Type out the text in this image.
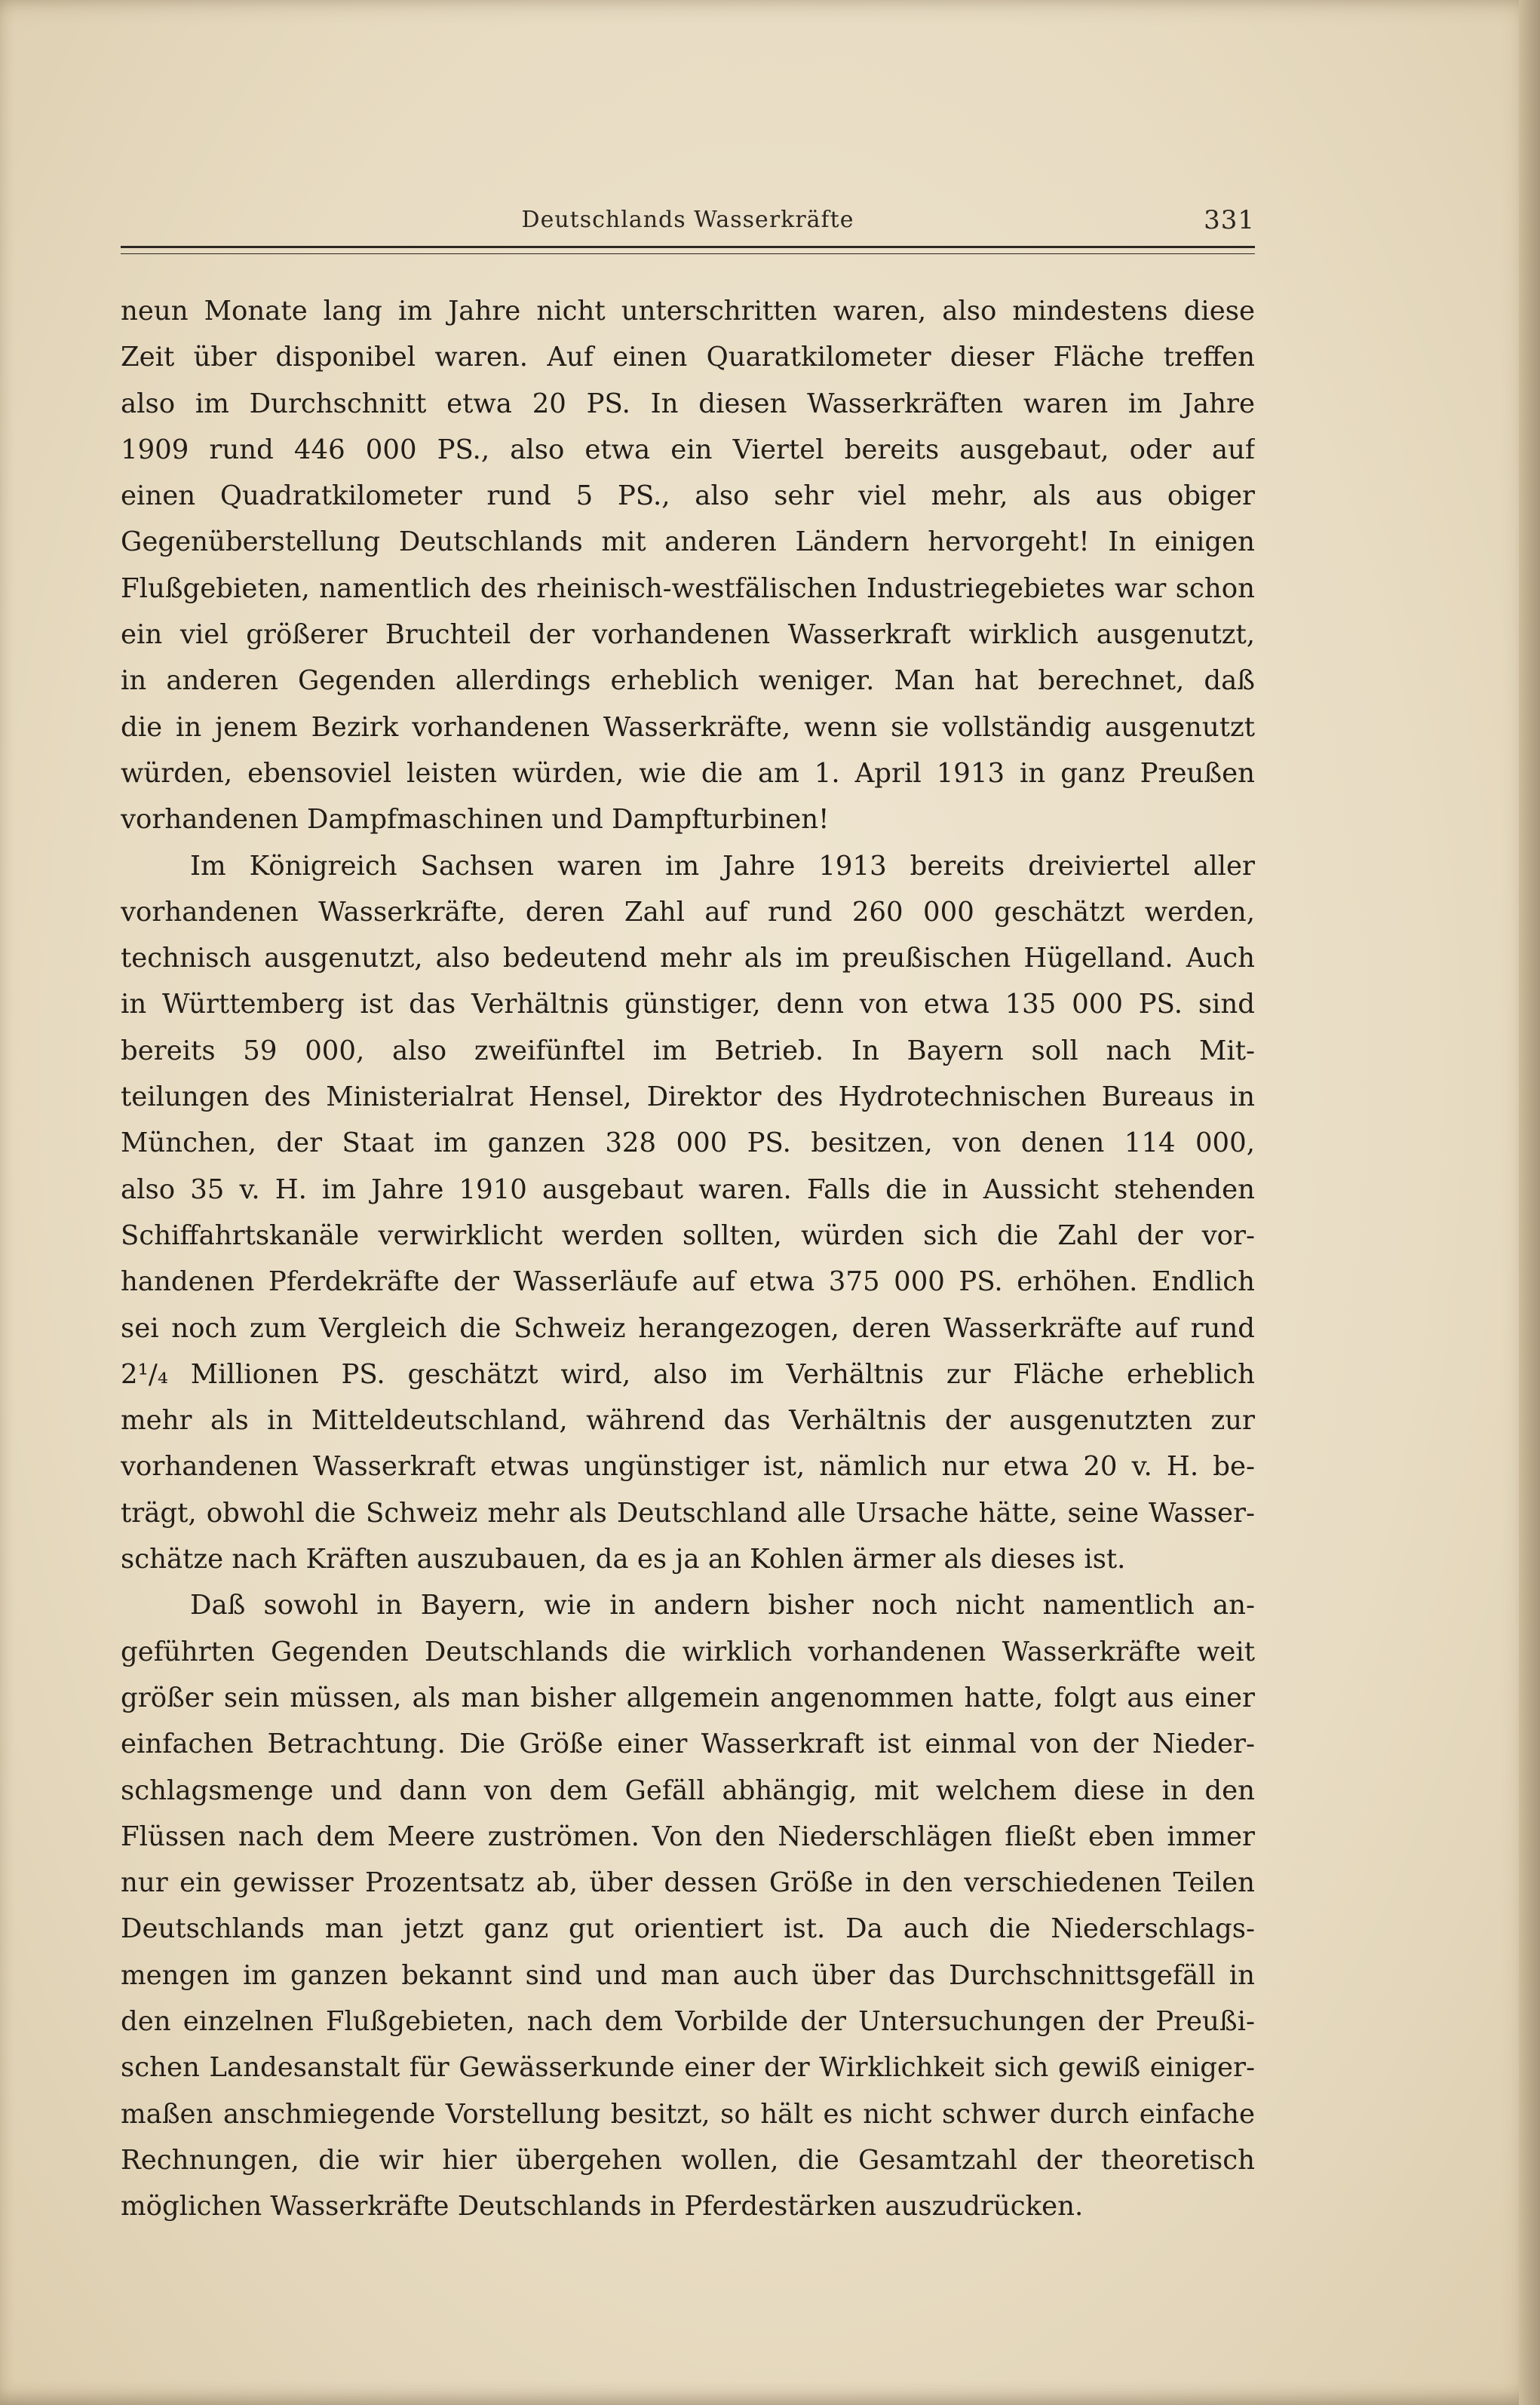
Deutschlands Wasserkräfte	331
neun Monate lang im Jahre nicht unterschritten waren, also mindestens diese
Zeit über disponibel waren. Auf einen Quaratkilometer dieser Fläche treffen
also im Durchschnitt etwa 20 PS. In diesen Wasserkräften waren im Jahre
1909 rund 446 000 PS., also etwa ein Viertel bereits ausgebaut, oder auf
einen Quadratkilometer rund 5 PS., also sehr viel mehr, als aus obiger
Gegenüberstellung Deutschlands mit anderen Ländern hervorgeht! In einigen
Flußgebieten, namentlich des rheinisch-westfälischen Industriegebietes war schon
ein viel größerer Bruchteil der vorhandenen Wasserkraft wirklich ausgenutzt,
in anderen Gegenden allerdings erheblich weniger. Man hat berechnet, daß
die in jenem Bezirk vorhandenen Wasserkräfte, wenn sie vollständig ausgenutzt
würden, ebensoviel leisten würden, wie die am 1. April 1913 in ganz Preußen
vorhandenen Dampfmaschinen und Dampfturbinen!
Im Königreich Sachsen waren im Jahre 1913 bereits dreiviertel aller
vorhandenen Wasserkräfte, deren Zahl auf rund 260 000 geschätzt werden,
technisch ausgenutzt, also bedeutend mehr als im preußischen Hügelland. Auch
in Württemberg ist das Verhältnis günstiger, denn von etwa 135 000 PS. sind
bereits 59 000, also zweifünftel im Betrieb. In Bayern soll nach Mit-
teilungen des Ministerialrat Hensel, Direktor des Hydrotechnischen Bureaus in
München, der Staat im ganzen 328 000 PS. besitzen, von denen 114 000,
also 35 v. H. im Jahre 1910 ausgebaut waren. Falls die in Aussicht stehenden
Schiffahrtskanäle verwirklicht werden sollten, würden sich die Zahl der vor-
handenen Pferdekräfte der Wasserläufe auf etwa 375 000 PS. erhöhen. Endlich
sei noch zum Vergleich die Schweiz herangezogen, deren Wasserkräfte auf rund
2¹/₄ Millionen PS. geschätzt wird, also im Verhältnis zur Fläche erheblich
mehr als in Mitteldeutschland, während das Verhältnis der ausgenutzten zur
vorhandenen Wasserkraft etwas ungünstiger ist, nämlich nur etwa 20 v. H. be-
trägt, obwohl die Schweiz mehr als Deutschland alle Ursache hätte, seine Wasser-
schätze nach Kräften auszubauen, da es ja an Kohlen ärmer als dieses ist.
Daß sowohl in Bayern, wie in andern bisher noch nicht namentlich an-
geführten Gegenden Deutschlands die wirklich vorhandenen Wasserkräfte weit
größer sein müssen, als man bisher allgemein angenommen hatte, folgt aus einer
einfachen Betrachtung. Die Größe einer Wasserkraft ist einmal von der Nieder-
schlagsmenge und dann von dem Gefäll abhängig, mit welchem diese in den
Flüssen nach dem Meere zuströmen. Von den Niederschlägen fließt eben immer
nur ein gewisser Prozentsatz ab, über dessen Größe in den verschiedenen Teilen
Deutschlands man jetzt ganz gut orientiert ist. Da auch die Niederschlags-
mengen im ganzen bekannt sind und man auch über das Durchschnittsgefäll in
den einzelnen Flußgebieten, nach dem Vorbilde der Untersuchungen der Preußi-
schen Landesanstalt für Gewässerkunde einer der Wirklichkeit sich gewiß einiger-
maßen anschmiegende Vorstellung besitzt, so hält es nicht schwer durch einfache
Rechnungen, die wir hier übergehen wollen, die Gesamtzahl der theoretisch
möglichen Wasserkräfte Deutschlands in Pferdestärken auszudrücken.
